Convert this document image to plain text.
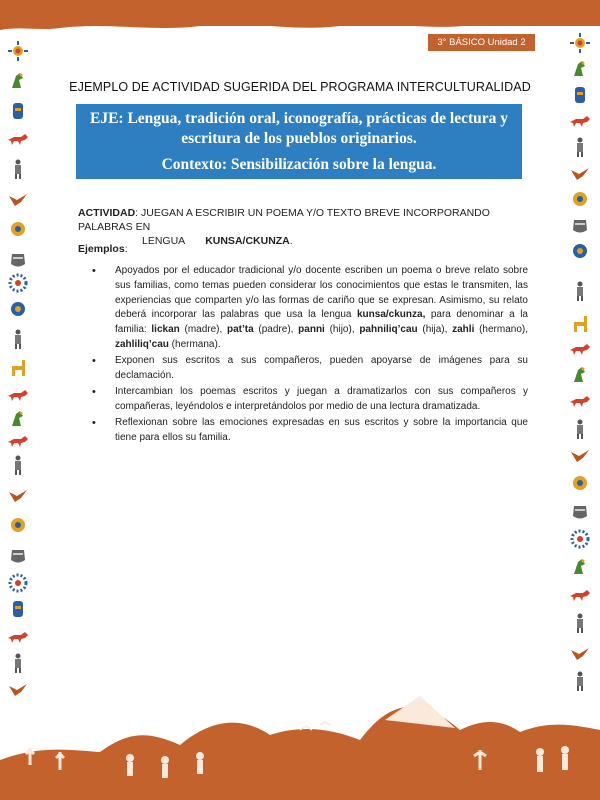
3° BÁSICO Unidad 2
EJEMPLO DE ACTIVIDAD SUGERIDA DEL PROGRAMA INTERCULTURALIDAD
EJE: Lengua, tradición oral, iconografía, prácticas de lectura y
escritura de los pueblos originarios.
Contexto: Sensibilización sobre la lengua.
ACTIVIDAD: JUEGAN A ESCRIBIR UN POEMA Y/O TEXTO BREVE INCORPORANDO PALABRAS EN
LENGUA KUNSA/CKUNZA.
Ejemplos:
• Apoyados por el educador tradicional y/o docente escriben un poema o breve relato sobre sus familias, como temas pueden considerar los conocimientos que estas le transmiten, las experiencias que comparten y/o las formas de cariño que se expresan. Asimismo, su relato deberá incorporar las palabras que usa la lengua kunsa/ckunza, para denominar a la familia: lickan (madre), pat’ta (padre), panni (hijo), pahniliq’cau (hija), zahli (hermano), zahliliq’cau (hermana).
• Exponen sus escritos a sus compañeros, pueden apoyarse de imágenes para su declamación.
• Intercambian los poemas escritos y juegan a dramatizarlos con sus compañeros y compañeras, leyéndolos e interpretándolos por medio de una lectura dramatizada.
• Reflexionan sobre las emociones expresadas en sus escritos y sobre la importancia que tiene para ellos su familia.
